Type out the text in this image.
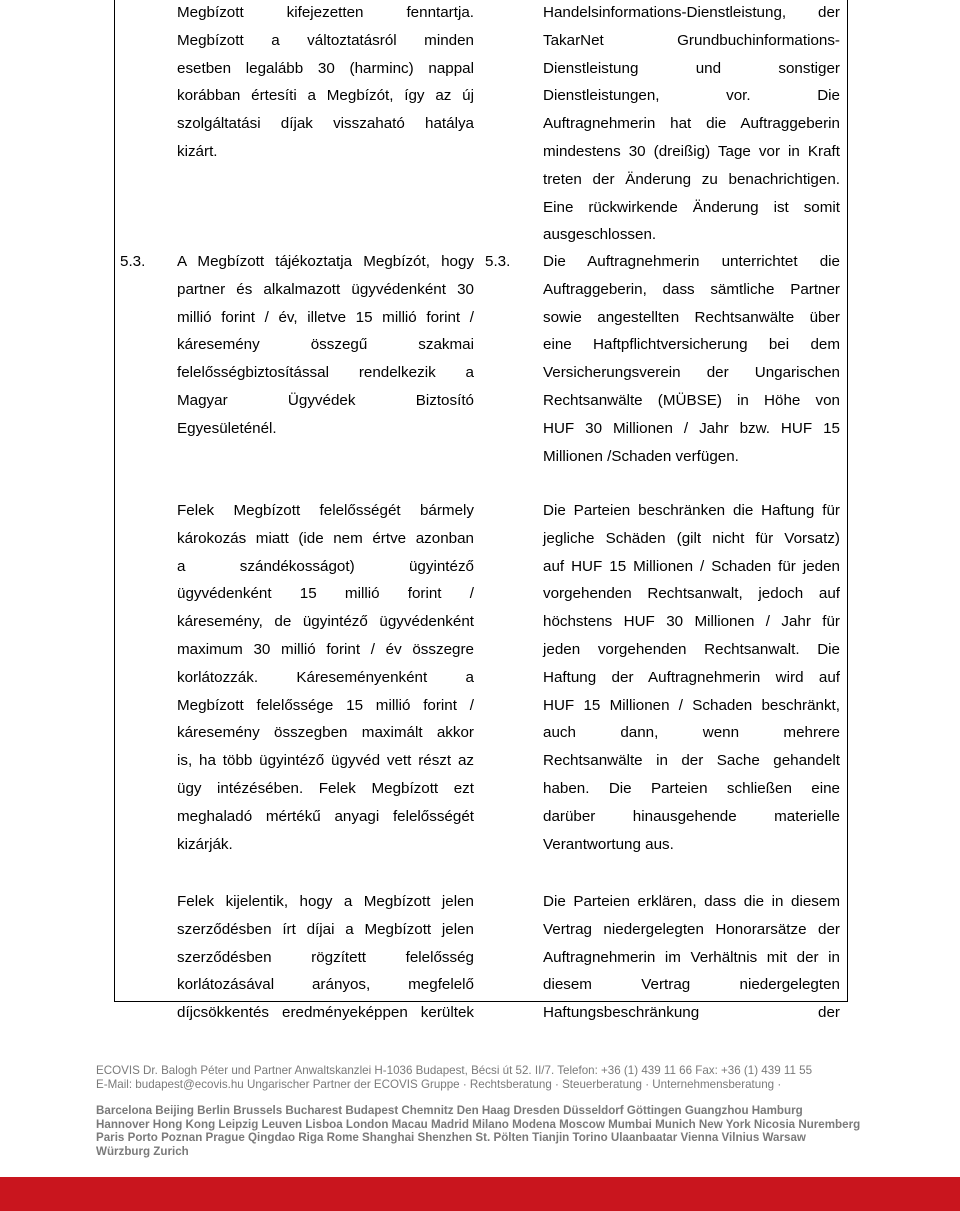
Megbízott kifejezetten fenntartja.
Megbízott a változtatásról minden
esetben legalább 30 (harminc) nappal
korábban értesíti a Megbízót, így az új
szolgáltatási díjak visszaható hatálya
kizárt.
Handelsinformations-Dienstleistung, der
TakarNet Grundbuchinformations-
Dienstleistung und sonstiger
Dienstleistungen, vor. Die
Auftragnehmerin hat die Auftraggeberin
mindestens 30 (dreißig) Tage vor in Kraft
treten der Änderung zu benachrichtigen.
Eine rückwirkende Änderung ist somit
ausgeschlossen.
5.3. A Megbízott tájékoztatja Megbízót, hogy
partner és alkalmazott ügyvédenként 30
millió forint / év, illetve 15 millió forint /
káresemény összegű szakmai
felelősségbiztosítással rendelkezik a
Magyar Ügyvédek Biztosító
Egyesületénél.
5.3. Die Auftragnehmerin unterrichtet die
Auftraggeberin, dass sämtliche Partner
sowie angestellten Rechtsanwälte über
eine Haftpflichtversicherung bei dem
Versicherungsverein der Ungarischen
Rechtsanwälte (MÜBSE) in Höhe von
HUF 30 Millionen / Jahr bzw. HUF 15
Millionen /Schaden verfügen.
Felek Megbízott felelősségét bármely
károkozás miatt (ide nem értve azonban
a szándékosságot) ügyintéző
ügyvédenként 15 millió forint /
káresemény, de ügyintéző ügyvédenként
maximum 30 millió forint / év összegre
korlátozzák. Káreseményenként a
Megbízott felelőssége 15 millió forint /
káresemény összegben maximált akkor
is, ha több ügyintéző ügyvéd vett részt az
ügy intézésében. Felek Megbízott ezt
meghaladó mértékű anyagi felelősségét
kizárják.
Die Parteien beschränken die Haftung für
jegliche Schäden (gilt nicht für Vorsatz)
auf HUF 15 Millionen / Schaden für jeden
vorgehenden Rechtsanwalt, jedoch auf
höchstens HUF 30 Millionen / Jahr für
jeden vorgehenden Rechtsanwalt. Die
Haftung der Auftragnehmerin wird auf
HUF 15 Millionen / Schaden beschränkt,
auch dann, wenn mehrere
Rechtsanwälte in der Sache gehandelt
haben. Die Parteien schließen eine
darüber hinausgehende materielle
Verantwortung aus.
Felek kijelentik, hogy a Megbízott jelen
szerződésben írt díjai a Megbízott jelen
szerződésben rögzített felelősség
korlátozásával arányos, megfelelő
díjcsökkentés eredményeképpen kerültek
Die Parteien erklären, dass die in diesem
Vertrag niedergelegten Honorarsätze der
Auftragnehmerin im Verhältnis mit der in
diesem Vertrag niedergelegten
Haftungsbeschränkung der
ECOVIS Dr. Balogh Péter und Partner Anwaltskanzlei H-1036 Budapest, Bécsi út 52. II/7. Telefon: +36 (1) 439 11 66 Fax: +36 (1) 439 11 55
E-Mail: budapest@ecovis.hu Ungarischer Partner der ECOVIS Gruppe · Rechtsberatung · Steuerberatung · Unternehmensberatung ·
Barcelona Beijing Berlin Brussels Bucharest Budapest Chemnitz Den Haag Dresden Düsseldorf Göttingen Guangzhou Hamburg
Hannover Hong Kong Leipzig Leuven Lisboa London Macau Madrid Milano Modena Moscow Mumbai Munich New York Nicosia Nuremberg
Paris Porto Poznan Prague Qingdao Riga Rome Shanghai Shenzhen St. Pölten Tianjin Torino Ulaanbaatar Vienna Vilnius Warsaw
Würzburg Zurich
